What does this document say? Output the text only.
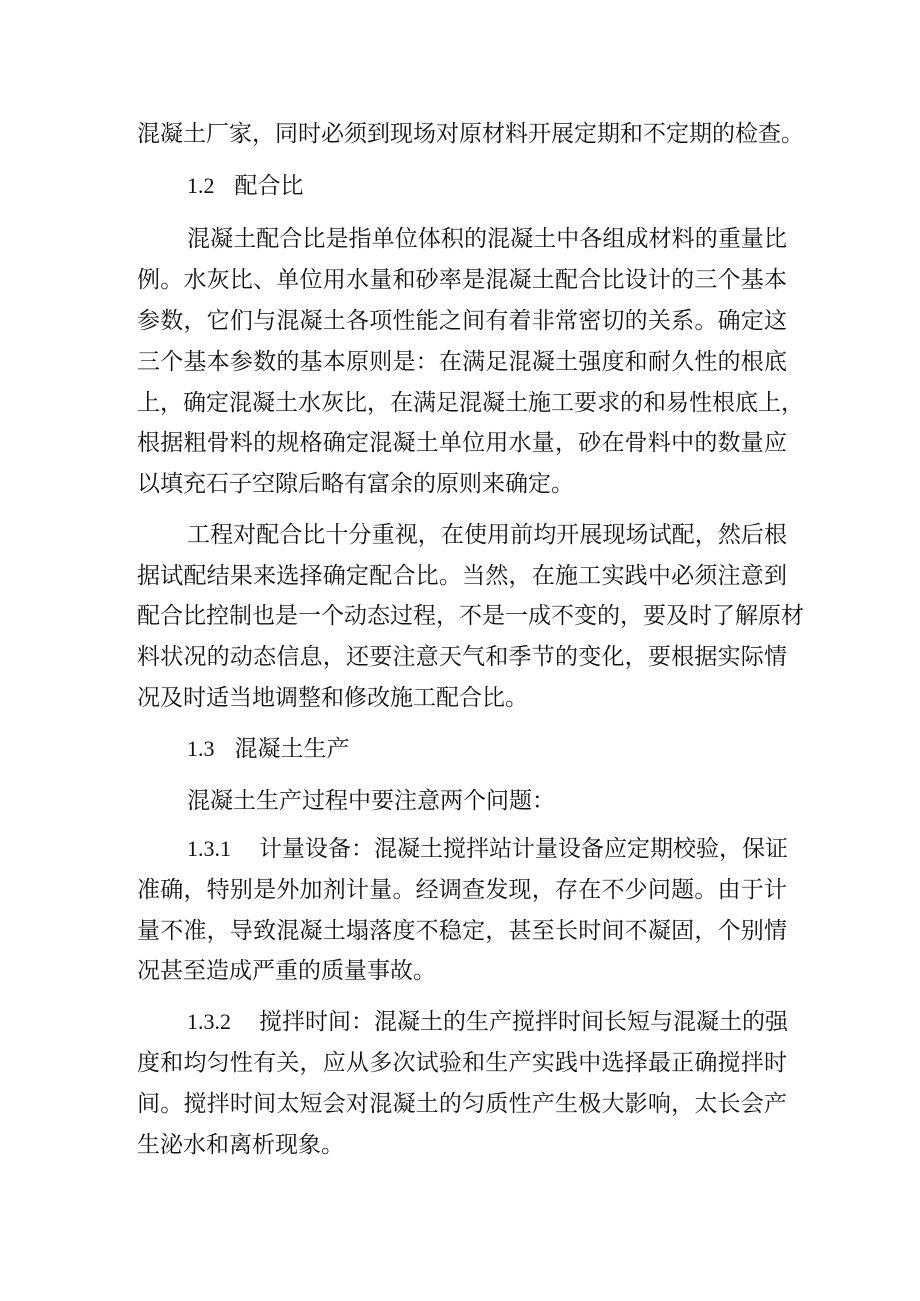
混凝土厂家，同时必须到现场对原材料开展定期和不定期的检查。
1.2 配合比
混凝土配合比是指单位体积的混凝土中各组成材料的重量比
例。水灰比、单位用水量和砂率是混凝土配合比设计的三个基本
参数，它们与混凝土各项性能之间有着非常密切的关系。确定这
三个基本参数的基本原则是：在满足混凝土强度和耐久性的根底
上，确定混凝土水灰比，在满足混凝土施工要求的和易性根底上，
根据粗骨料的规格确定混凝土单位用水量，砂在骨料中的数量应
以填充石子空隙后略有富余的原则来确定。
工程对配合比十分重视，在使用前均开展现场试配，然后根
据试配结果来选择确定配合比。当然，在施工实践中必须注意到
配合比控制也是一个动态过程，不是一成不变的，要及时了解原材
料状况的动态信息，还要注意天气和季节的变化，要根据实际情
况及时适当地调整和修改施工配合比。
1.3 混凝土生产
混凝土生产过程中要注意两个问题：
1.3.1 计量设备：混凝土搅拌站计量设备应定期校验，保证
准确，特别是外加剂计量。经调查发现，存在不少问题。由于计
量不准，导致混凝土塌落度不稳定，甚至长时间不凝固，个别情
况甚至造成严重的质量事故。
1.3.2 搅拌时间：混凝土的生产搅拌时间长短与混凝土的强
度和均匀性有关，应从多次试验和生产实践中选择最正确搅拌时
间。搅拌时间太短会对混凝土的匀质性产生极大影响，太长会产
生泌水和离析现象。
